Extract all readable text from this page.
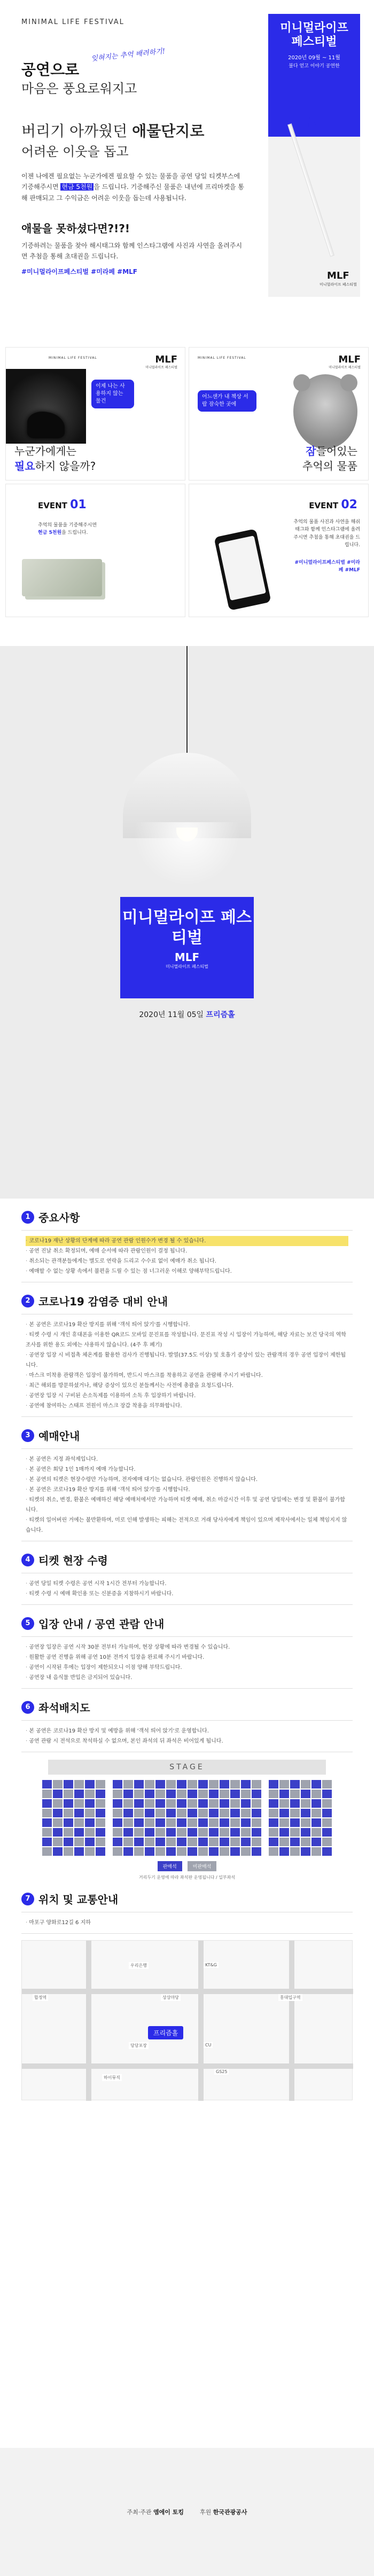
MINIMAL LIFE FESTIVAL
공연으로
잊혀지는 추억 배려하기!
마음은 풍요로워지고
버리기 아까웠던 애물단지로
어려운 이웃을 돕고
이젠 나에겐 필요없는 누군가에겐 필요할 수 있는 물품을 공연 당일 티켓부스에 기증해주시면 현금 5천원 을 드립니다. 기증해주신 물품은 내년에 프리마켓을 통해 판매되고 그 수익금은 어려운 이웃을 돕는데 사용됩니다.
애물을 못하셨다면?!?!
기증하려는 물품을 찾아 해시태그와 함께 인스타그램에 사진과 사연을 올려주시면 추첨을 통해 초대권을 드립니다.
#미니멀라이프페스티벌 #미라페 #MLF
미니멀라이프 페스티벌
2020년 09월 ~ 11월
불다 얻고 이야기 공연한
MLF
미니멀라이프 페스티벌
MINIMAL LIFE FESTIVAL	MLF
미니멀라이프 페스티벌
이제 나는 사용하지 않는 물건
누군가에게는
필요하지 않을까?
MINIMAL LIFE FESTIVAL	MLF
미니멀라이프 페스티벌
어느샌가 내 책상 서랍 잠숙한 곳에
잠들어있는
추억의 물품
EVENT 01
추억의 물품을 기증해주시면
현금 5천원을 드립니다.
EVENT 02
추억의 물품 사진과 사연을 해쉬태그와 함께 인스타그램에 올려주시면 추첨을 통해 초대권을 드립니다.
#미니멀라이프페스티벌 #미라페 #MLF
미니멀라이프 페스티벌
MLF
미니멀라이프 페스티벌
2020년 11월 05일 프리즘홀
1 중요사항
· 코로나19 재난 상황의 단계에 따라 공연 관람 인원수가 변경 될 수 있습니다.
· 공연 진날 취소 확정되며, 예매 순서에 따라 관람인원이 결정 됩니다.
· 취소되는 관객분들에게는 별도로 연락을 드리고 수수료 없이 예매가 취소 됩니다.
· 예매할 수 없는 상황 속에서 불편을 드릴 수 있는 점 너그러운 이해로 양해부탁드립니다.
2 코로나19 감염증 대비 안내
· 본 공연은 코로나19 확산 방지를 위해 '객석 띄어 앉기'를 시행합니다.
· 티켓 수령 시 개인 휴대폰을 이용한 QR코드 모바일 문진표를 작성합니다. 문진표 작성 시 입장이 가능하며, 해당 자료는 보건 당국의 역학조사를 위한 용도 외에는 사용하지 않습니다. (4주 후 폐기)
· 공연장 입장 시 비접촉 체온계를 활용한 검사가 진행됩니다. 발열(37.5도 이상) 및 호흡기 증상이 있는 관람객의 경우 공연 입장이 제한됩니다.
· 마스크 미착용 관람객은 입장이 불가하며, 반드시 마스크를 착용하고 공연을 관람해 주시기 바랍니다.
· 최근 해외를 방문하셨거나, 해당 증상이 있으신 분들께서는 사전에 총괄을 요청드립니다.
· 공연장 입장 시 구비된 손소독제를 이용하여 소독 후 입장하기 바랍니다.
· 공연에 참여하는 스태프 전원이 마스크 장갑 착용을 의무화합니다.
3 예매안내
· 본 공연은 지정 좌석제입니다.
· 본 공연은 회당 1인 1매까지 예매 가능합니다.
· 본 공연의 티켓은 현장수령만 가능하며, 전자예매 대기는 없습니다. 관람인원은 진행하지 않습니다.
· 본 공연은 코로나19 확산 방지를 위해 '객석 띄어 앉기'를 시행합니다.
· 티켓의 취소, 변경, 환불은 예매하신 해당 예매처에서만 가능하며 티켓 예매, 취소 마감시간 이후 및 공연 당일에는 변경 및 환불이 불가합니다.
· 티켓의 일어버린 거에는 불반환하며, 미로 인해 발생하는 피해는 전적으로 거래 당사자에게 책임이 있으며 제작사에서는 일체 책임지지 않습니다.
4 티켓 현장 수령
· 공연 당일 티켓 수령은 공연 시작 1시간 전부터 가능합니다.
· 티켓 수령 시 예매 확인용 또는 신분증을 지참하시기 바랍니다.
5 입장 안내 / 공연 관람 안내
· 공연장 입장은 공연 시작 30분 전부터 가능하며, 현장 상황에 따라 변경될 수 있습니다.
· 원활한 공연 진행을 위해 공연 10분 전까지 입장을 완료해 주시기 바랍니다.
· 공연이 시작된 후에는 입장이 제한되오니 이점 양해 부탁드립니다.
· 공연장 내 음식물 반입은 금지되어 있습니다.
6 좌석배치도
· 본 공연은 코로나19 확산 방지 및 예방을 위해 '객석 띄어 앉기'로 운영합니다.
· 공연 관람 시 전석으로 착석하실 수 없으며, 본인 좌석의 뒤 좌석은 비어있게 됩니다.
STAGE
판매석	미판매석
거리두기 운영에 따라 좌석판 운영됩니다 / 일부좌석
7 위치 및 교통안내
· 마포구 양화로12길 6 지하
우리은행	KT&G
합정역	상상마당	홍대입구역
당당포장	CU
GS25
하이뮤직
프리즘홀
주최·주관 엠에이 토킹	후원 한국관광공사
